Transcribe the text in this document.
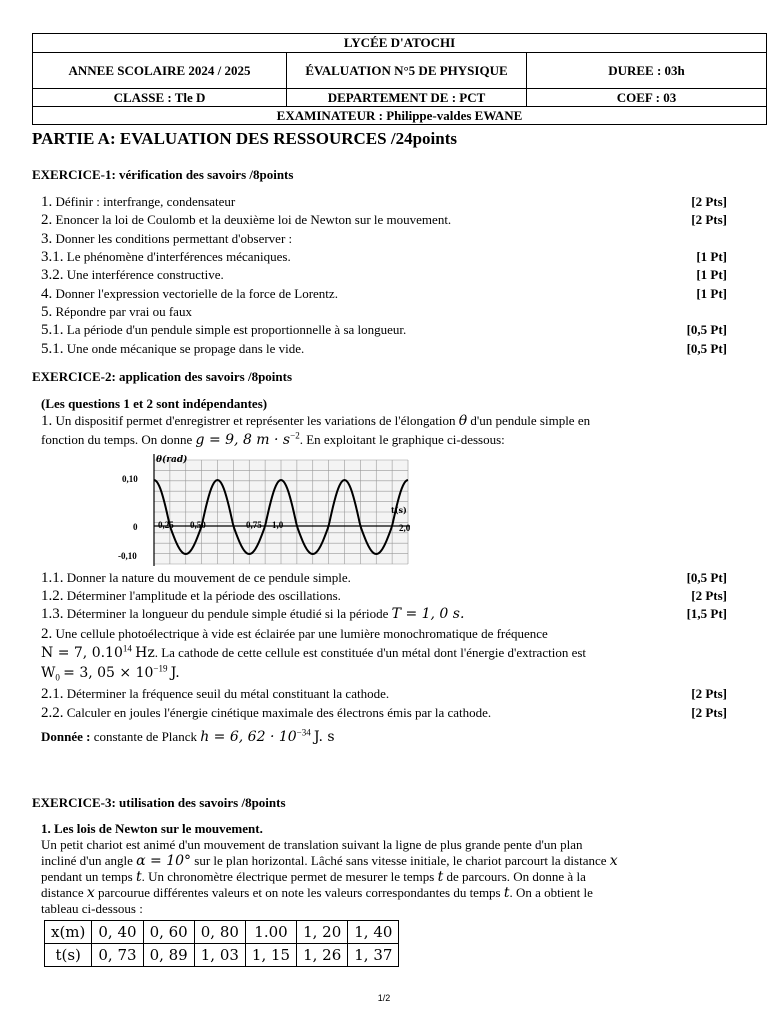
LYCÉE D'ATOCHI		
ANNEE SCOLAIRE 2024 / 2025	ÉVALUATION N°5 DE PHYSIQUE	DUREE : 03h
CLASSE : Tle D	DEPARTEMENT DE : PCT	COEF : 03
EXAMINATEUR : Philippe-valdes EWANE		
PARTIE A: EVALUATION DES RESSOURCES /24points
EXERCICE-1: vérification des savoirs /8points
1. Définir : interfrange, condensateur	[2 Pts]
2. Enoncer la loi de Coulomb et la deuxième loi de Newton sur le mouvement.	[2 Pts]
3. Donner les conditions permettant d'observer :
3.1. Le phénomène d'interférences mécaniques.	[1 Pt]
3.2. Une interférence constructive.	[1 Pt]
4. Donner l'expression vectorielle de la force de Lorentz.	[1 Pt]
5. Répondre par vrai ou faux
5.1. La période d'un pendule simple est proportionnelle à sa longueur.	[0,5 Pt]
5.1. Une onde mécanique se propage dans le vide.	[0,5 Pt]
EXERCICE-2: application des savoirs /8points
(Les questions 1 et 2 sont indépendantes)
1. Un dispositif permet d'enregistrer et représenter les variations de l'élongation θ d'un pendule simple en
fonction du temps. On donne g = 9, 8 $m \cdot s^{-2}$. En exploitant le graphique ci-dessous:
θ(rad)
t(s)
0,10
0
-0,10
0,25 0,50	0,75 1,0	2,0
1.1. Donner la nature du mouvement de ce pendule simple.	[0,5 Pt]
1.2. Déterminer l'amplitude et la période des oscillations.	[2 Pts]
1.3. Déterminer la longueur du pendule simple étudié si la période T = 1, 0 s.	[1,5 Pt]
2. Une cellule photoélectrique à vide est éclairée par une lumière monochromatique de fréquence
N = 7, 0.10$^{14}$ Hz. La cathode de cette cellule est constituée d'un métal dont l'énergie d'extraction est
$W_0 = 3$, $05 \times 10^{-19}$ J.
2.1. Déterminer la fréquence seuil du métal constituant la cathode.	[2 Pts]
2.2. Calculer en joules l'énergie cinétique maximale des électrons émis par la cathode.	[2 Pts]
Donnée : constante de Planck h = 6, $62 \cdot 10^{-34}$ J. s
EXERCICE-3: utilisation des savoirs /8points
1. Les lois de Newton sur le mouvement.
Un petit chariot est animé d'un mouvement de translation suivant la ligne de plus grande pente d'un plan
incliné d'un angle α = 10° sur le plan horizontal. Lâché sans vitesse initiale, le chariot parcourt la distance x
pendant un temps t. Un chronomètre électrique permet de mesurer le temps t de parcours. On donne à la
distance x parcourue différentes valeurs et on note les valeurs correspondantes du temps t. On a obtient le
tableau ci-dessous :
x(m)	0, 40	0, 60	0, 80	1.00	1, 20	1, 40
t(s)	0, 73	0, 89	1, 03	1, 15	1, 26	1, 37
1/2
